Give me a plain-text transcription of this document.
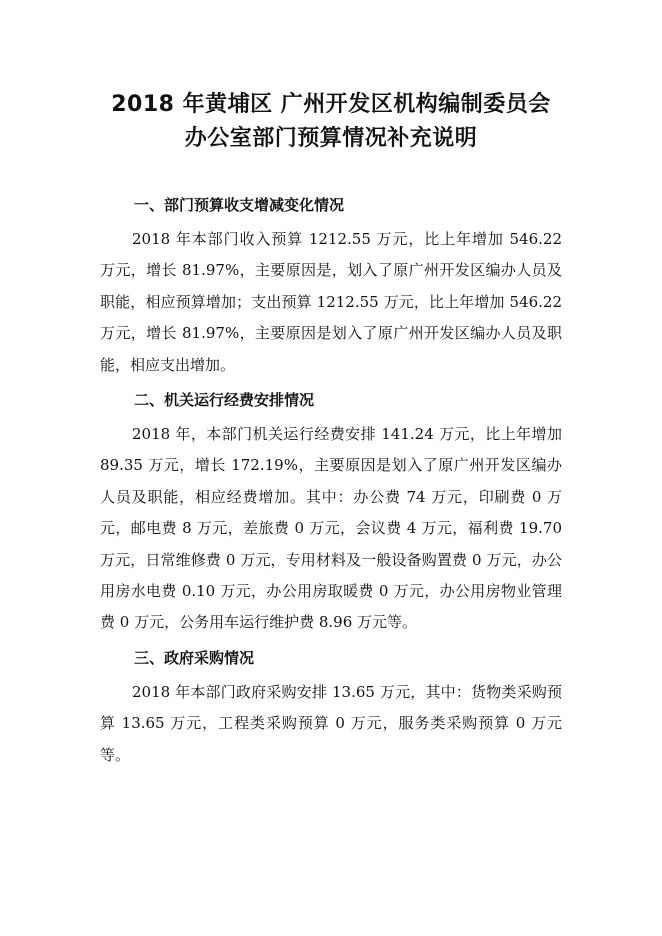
2018 年黄埔区 广州开发区机构编制委员会
办公室部门预算情况补充说明
一、部门预算收支增减变化情况

2018 年本部门收入预算 1212.55 万元，比上年增加 546.22 万元，增长 81.97%，主要原因是，划入了原广州开发区编办人员及职能，相应预算增加；支出预算 1212.55 万元，比上年增加 546.22 万元，增长 81.97%，主要原因是划入了原广州开发区编办人员及职能，相应支出增加。

二、机关运行经费安排情况

2018 年，本部门机关运行经费安排 141.24 万元，比上年增加 89.35 万元，增长 172.19%，主要原因是划入了原广州开发区编办人员及职能，相应经费增加。其中：办公费 74 万元，印刷费 0 万元，邮电费 8 万元，差旅费 0 万元，会议费 4 万元，福利费 19.70 万元，日常维修费 0 万元，专用材料及一般设备购置费 0 万元，办公用房水电费 0.10 万元，办公用房取暖费 0 万元，办公用房物业管理费 0 万元，公务用车运行维护费 8.96 万元等。

三、政府采购情况

2018 年本部门政府采购安排 13.65 万元，其中：货物类采购预算 13.65 万元，工程类采购预算 0 万元，服务类采购预算 0 万元等。
